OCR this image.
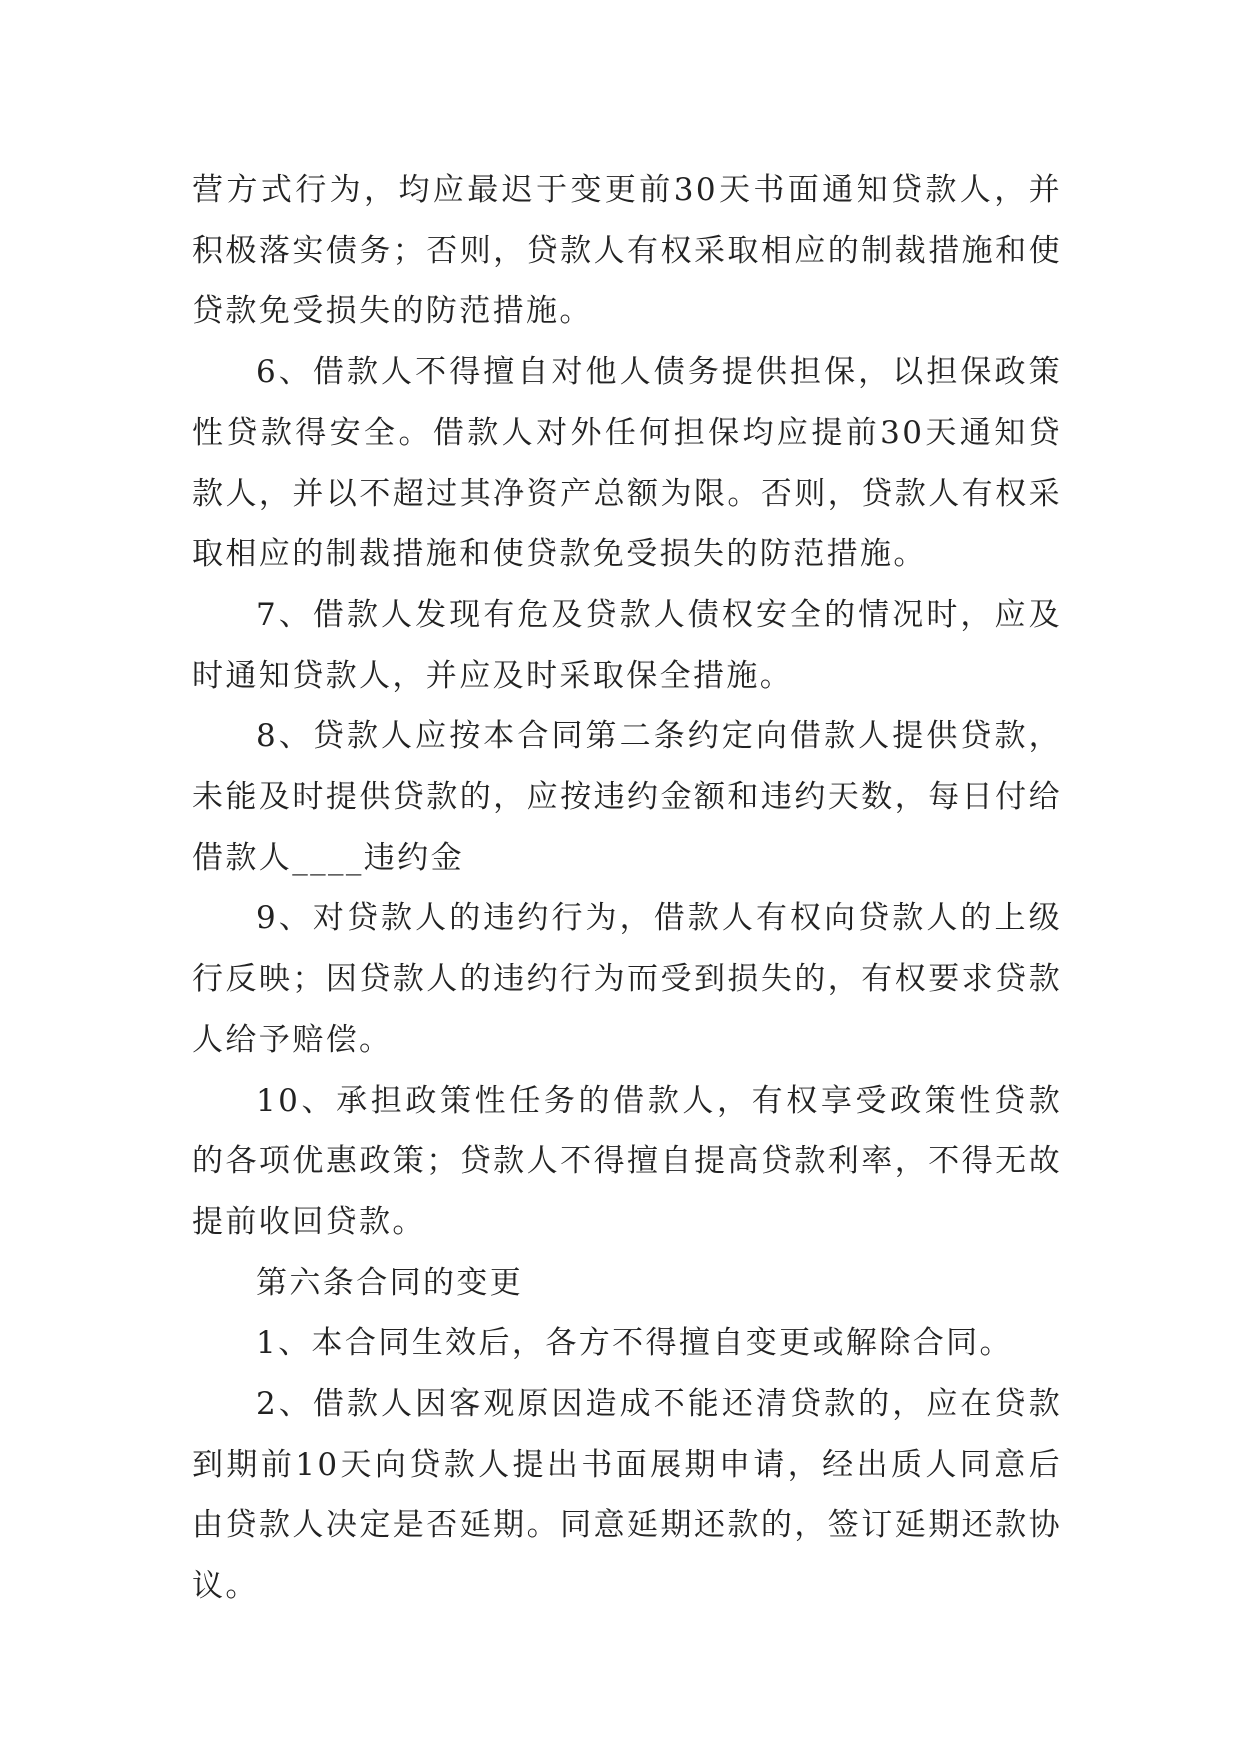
营方式行为，均应最迟于变更前30天书面通知贷款人，并积极落实债务；否则，贷款人有权采取相应的制裁措施和使贷款免受损失的防范措施。

6、借款人不得擅自对他人债务提供担保，以担保政策性贷款得安全。借款人对外任何担保均应提前30天通知贷款人，并以不超过其净资产总额为限。否则，贷款人有权采取相应的制裁措施和使贷款免受损失的防范措施。

7、借款人发现有危及贷款人债权安全的情况时，应及时通知贷款人，并应及时采取保全措施。

8、贷款人应按本合同第二条约定向借款人提供贷款，未能及时提供贷款的，应按违约金额和违约天数，每日付给借款人____违约金

9、对贷款人的违约行为，借款人有权向贷款人的上级行反映；因贷款人的违约行为而受到损失的，有权要求贷款人给予赔偿。

10、承担政策性任务的借款人，有权享受政策性贷款的各项优惠政策；贷款人不得擅自提高贷款利率，不得无故提前收回贷款。

第六条合同的变更

1、本合同生效后，各方不得擅自变更或解除合同。

2、借款人因客观原因造成不能还清贷款的，应在贷款到期前10天向贷款人提出书面展期申请，经出质人同意后由贷款人决定是否延期。同意延期还款的，签订延期还款协议。
